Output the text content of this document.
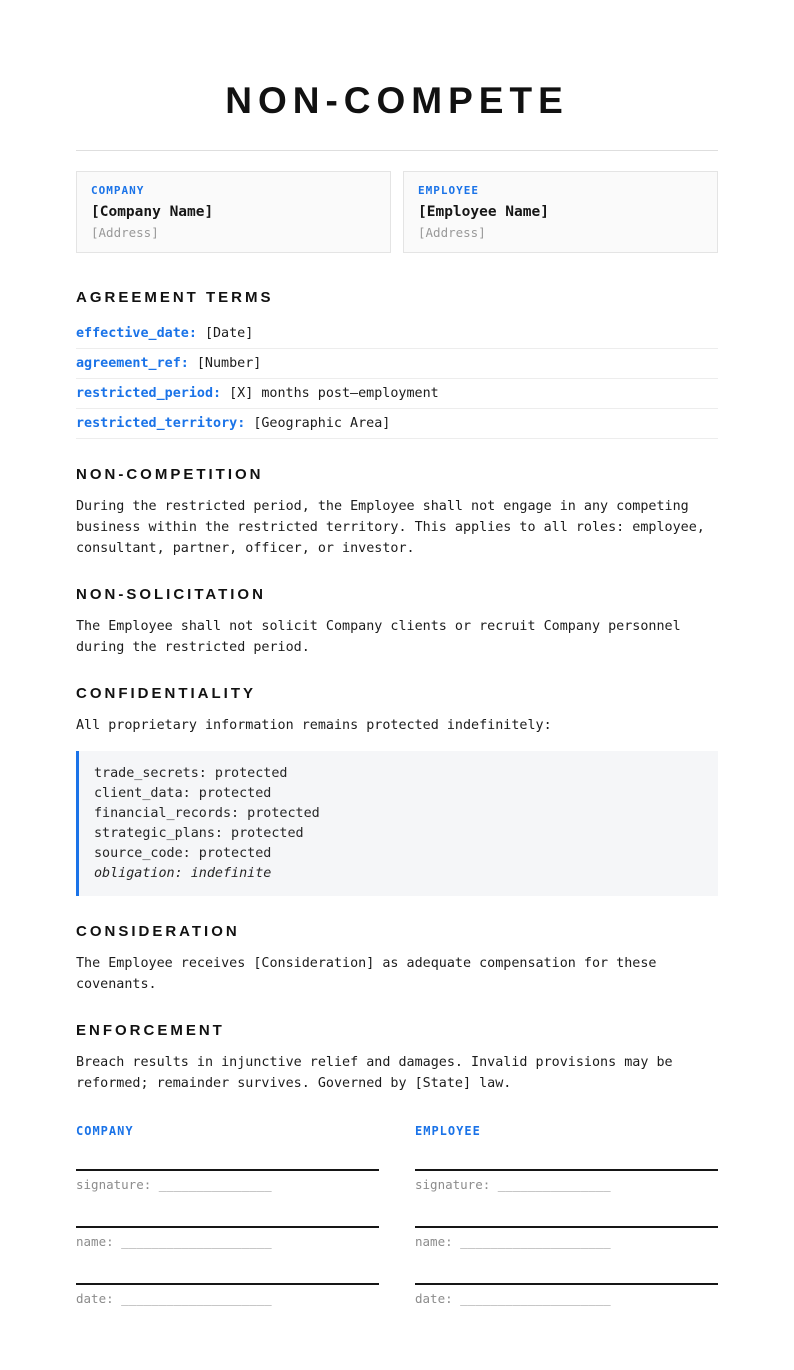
NON-COMPETE
COMPANY
[Company Name]
[Address]
EMPLOYEE
[Employee Name]
[Address]
AGREEMENT TERMS
effective_date: [Date]
agreement_ref: [Number]
restricted_period: [X] months post–employment
restricted_territory: [Geographic Area]
NON-COMPETITION

During the restricted period, the Employee shall not engage in any competing business within the restricted territory. This applies to all roles: employee, consultant, partner, officer, or investor.

NON-SOLICITATION

The Employee shall not solicit Company clients or recruit Company personnel during the restricted period.

CONFIDENTIALITY

All proprietary information remains protected indefinitely:

trade_secrets: protected
client_data: protected
financial_records: protected
strategic_plans: protected
source_code: protected
obligation: indefinite
CONSIDERATION

The Employee receives [Consideration] as adequate compensation for these covenants.

ENFORCEMENT

Breach results in injunctive relief and damages. Invalid provisions may be reformed; remainder survives. Governed by [State] law.

COMPANY
signature: _______________
name: ____________________
date: ____________________
EMPLOYEE
signature: _______________
name: ____________________
date: ____________________
